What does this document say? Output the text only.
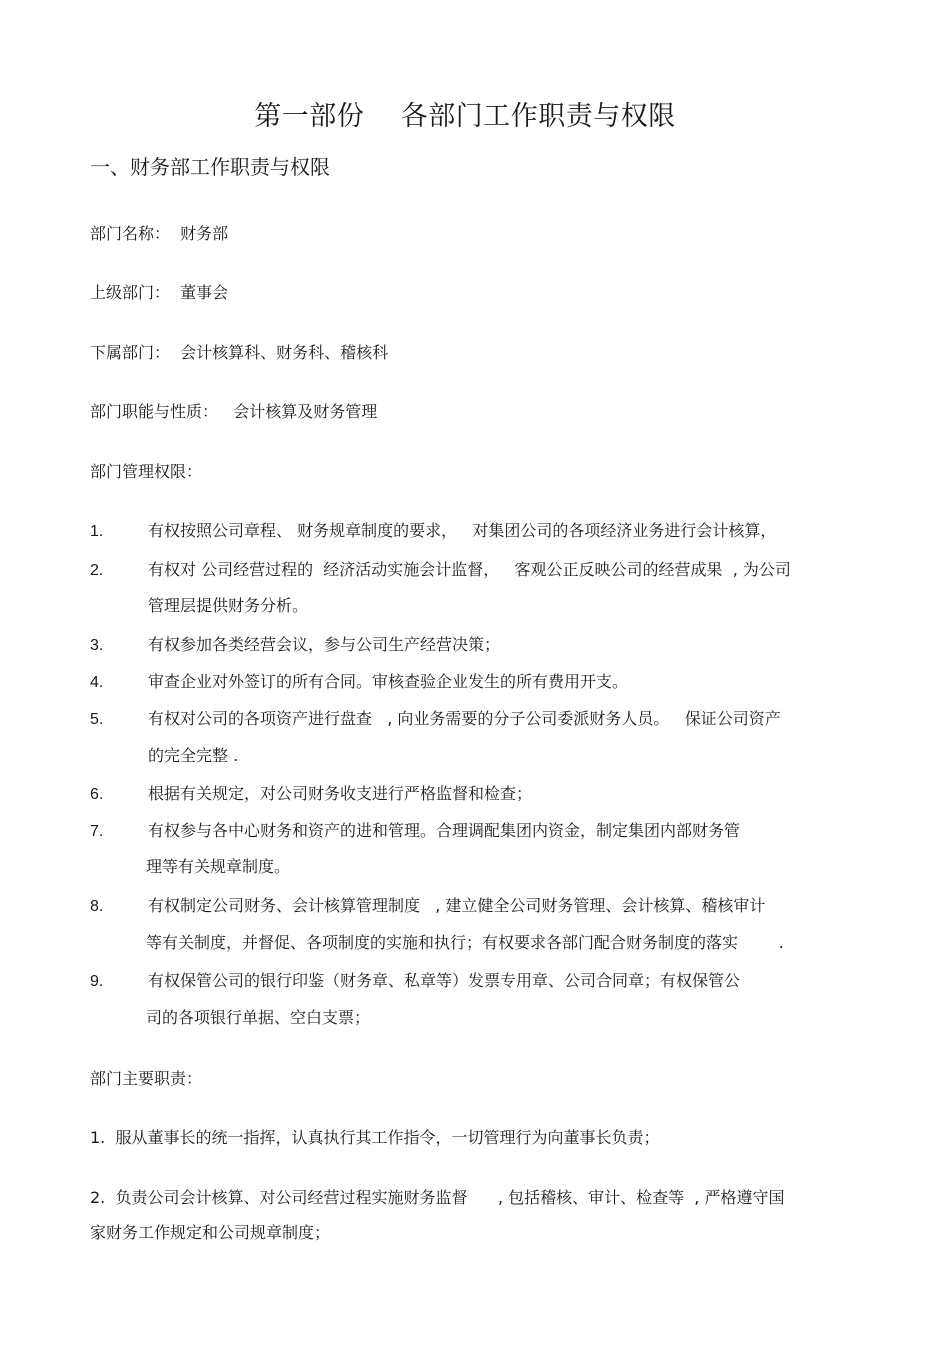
第一部份　 各部门工作职责与权限
一、财务部工作职责与权限
部门名称：  财务部
上级部门：  董事会
下属部门：  会计核算科、财务科、稽核科
部门职能与性质：   会计核算及财务管理
部门管理权限：
1.	有权按照公司章程、 财务规章制度的要求，   对集团公司的各项经济业务进行会计核算，
2.	有权对 公司经营过程的  经济活动实施会计监督，   客观公正反映公司的经营成果  , 为公司
管理层提供财务分析。
3.	有权参加各类经营会议，参与公司生产经营决策；
4.	审查企业对外签订的所有合同。审核查验企业发生的所有费用开支。
5.	有权对公司的各项资产进行盘查   , 向业务需要的分子公司委派财务人员。   保证公司资产
的完全完整 .
6.	根据有关规定，对公司财务收支进行严格监督和检查；
7.	有权参与各中心财务和资产的进和管理。合理调配集团内资金，制定集团内部财务管
理等有关规章制度。
8.	有权制定公司财务、会计核算管理制度   , 建立健全公司财务管理、会计核算、稽核审计
等有关制度，并督促、各项制度的实施和执行；有权要求各部门配合财务制度的落实        .
9.	有权保管公司的银行印鉴（财务章、私章等）发票专用章、公司合同章；有权保管公
司的各项银行单据、空白支票；
部门主要职责：
1.  服从董事长的统一指挥，认真执行其工作指令，一切管理行为向董事长负责；
2.  负责公司会计核算、对公司经营过程实施财务监督      , 包括稽核、审计、检查等  , 严格遵守国
家财务工作规定和公司规章制度；
